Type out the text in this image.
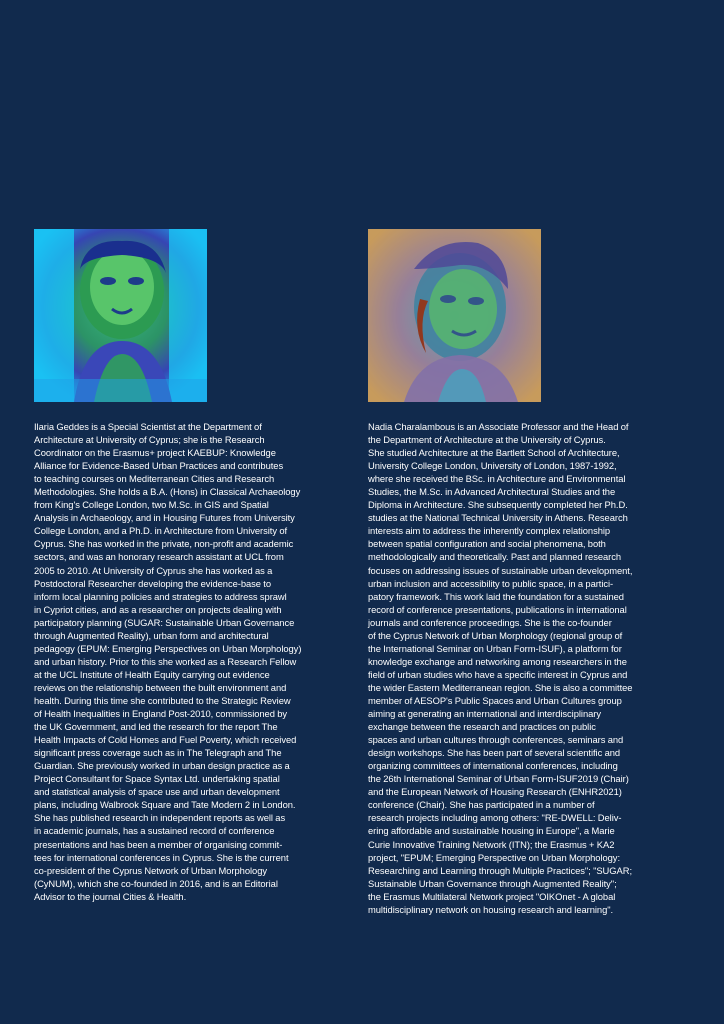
Ilaria Geddes is a Special Scientist at the Department of
Architecture at University of Cyprus; she is the Research
Coordinator on the Erasmus+ project KAEBUP: Knowledge
Alliance for Evidence-Based Urban Practices and contributes
to teaching courses on Mediterranean Cities and Research
Methodologies. She holds a B.A. (Hons) in Classical Archaeology
from King's College London, two M.Sc. in GIS and Spatial
Analysis in Archaeology, and in Housing Futures from University
College London, and a Ph.D. in Architecture from University of
Cyprus. She has worked in the private, non-profit and academic
sectors, and was an honorary research assistant at UCL from
2005 to 2010. At University of Cyprus she has worked as a
Postdoctoral Researcher developing the evidence-base to
inform local planning policies and strategies to address sprawl
in Cypriot cities, and as a researcher on projects dealing with
participatory planning (SUGAR: Sustainable Urban Governance
through Augmented Reality), urban form and architectural
pedagogy (EPUM: Emerging Perspectives on Urban Morphology)
and urban history. Prior to this she worked as a Research Fellow
at the UCL Institute of Health Equity carrying out evidence
reviews on the relationship between the built environment and
health. During this time she contributed to the Strategic Review
of Health Inequalities in England Post-2010, commissioned by
the UK Government, and led the research for the report The
Health Impacts of Cold Homes and Fuel Poverty, which received
significant press coverage such as in The Telegraph and The
Guardian. She previously worked in urban design practice as a
Project Consultant for Space Syntax Ltd. undertaking spatial
and statistical analysis of space use and urban development
plans, including Walbrook Square and Tate Modern 2 in London.
She has published research in independent reports as well as
in academic journals, has a sustained record of conference
presentations and has been a member of organising commit-
tees for international conferences in Cyprus. She is the current
co-president of the Cyprus Network of Urban Morphology
(CyNUM), which she co-founded in 2016, and is an Editorial
Advisor to the journal Cities & Health.

Nadia Charalambous is an Associate Professor and the Head of
the Department of Architecture at the University of Cyprus.
She studied Architecture at the Bartlett School of Architecture,
University College London, University of London, 1987-1992,
where she received the BSc. in Architecture and Environmental
Studies, the M.Sc. in Advanced Architectural Studies and the
Diploma in Architecture. She subsequently completed her Ph.D.
studies at the National Technical University in Athens. Research
interests aim to address the inherently complex relationship
between spatial configuration and social phenomena, both
methodologically and theoretically. Past and planned research
focuses on addressing issues of sustainable urban development,
urban inclusion and accessibility to public space, in a partici-
patory framework. This work laid the foundation for a sustained
record of conference presentations, publications in international
journals and conference proceedings. She is the co-founder
of the Cyprus Network of Urban Morphology (regional group of
the International Seminar on Urban Form-ISUF), a platform for
knowledge exchange and networking among researchers in the
field of urban studies who have a specific interest in Cyprus and
the wider Eastern Mediterranean region. She is also a committee
member of AESOP's Public Spaces and Urban Cultures group
aiming at generating an international and interdisciplinary
exchange between the research and practices on public
spaces and urban cultures through conferences, seminars and
design workshops. She has been part of several scientific and
organizing committees of international conferences, including
the 26th International Seminar of Urban Form-ISUF2019 (Chair)
and the European Network of Housing Research (ENHR2021)
conference (Chair). She has participated in a number of
research projects including among others: "RE-DWELL: Deliv-
ering affordable and sustainable housing in Europe", a Marie
Curie Innovative Training Network (ITN); the Erasmus + KA2
project, "EPUM; Emerging Perspective on Urban Morphology:
Researching and Learning through Multiple Practices"; "SUGAR;
Sustainable Urban Governance through Augmented Reality";
the Erasmus Multilateral Network project "OIKOnet - A global
multidisciplinary network on housing research and learning".
